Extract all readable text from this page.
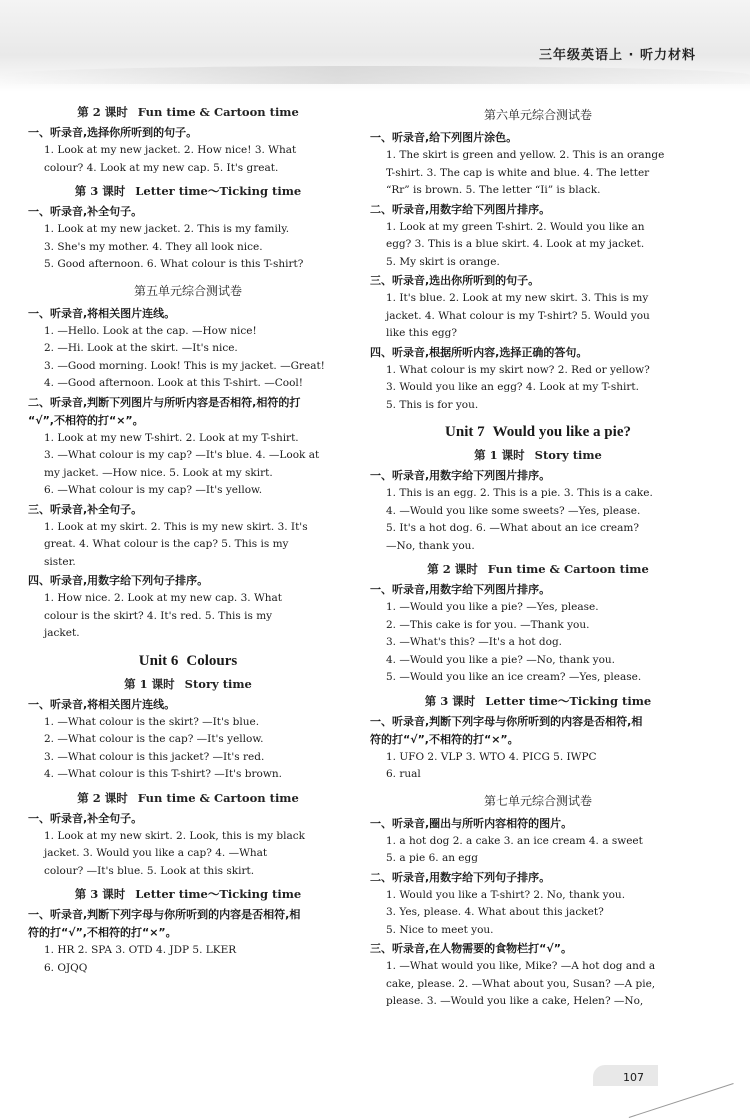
三年级英语上 · 听力材料
第 2 课时 Fun time & Cartoon time
一、听录音,选择你所听到的句子。
1. Look at my new jacket. 2. How nice! 3. What
colour? 4. Look at my new cap. 5. It's great.
第 3 课时 Letter time～Ticking time
一、听录音,补全句子。
1. Look at my new jacket. 2. This is my family.
3. She's my mother. 4. They all look nice.
5. Good afternoon. 6. What colour is this T-shirt?
第五单元综合测试卷
一、听录音,将相关图片连线。
1. —Hello. Look at the cap. —How nice!
2. —Hi. Look at the skirt. —It's nice.
3. —Good morning. Look! This is my jacket. —Great!
4. —Good afternoon. Look at this T-shirt. —Cool!
二、听录音,判断下列图片与所听内容是否相符,相符的打
“√”,不相符的打“×”。
1. Look at my new T-shirt. 2. Look at my T-shirt.
3. —What colour is my cap? —It's blue. 4. —Look at
my jacket. —How nice. 5. Look at my skirt.
6. —What colour is my cap? —It's yellow.
三、听录音,补全句子。
1. Look at my skirt. 2. This is my new skirt. 3. It's
great. 4. What colour is the cap? 5. This is my
sister.
四、听录音,用数字给下列句子排序。
1. How nice. 2. Look at my new cap. 3. What
colour is the skirt? 4. It's red. 5. This is my
jacket.
Unit 6 Colours
第 1 课时 Story time
一、听录音,将相关图片连线。
1. —What colour is the skirt? —It's blue.
2. —What colour is the cap? —It's yellow.
3. —What colour is this jacket? —It's red.
4. —What colour is this T-shirt? —It's brown.
第 2 课时 Fun time & Cartoon time
一、听录音,补全句子。
1. Look at my new skirt. 2. Look, this is my black
jacket. 3. Would you like a cap? 4. —What
colour? —It's blue. 5. Look at this skirt.
第 3 课时 Letter time～Ticking time
一、听录音,判断下列字母与你所听到的内容是否相符,相
符的打“√”,不相符的打“×”。
1. HR 2. SPA 3. OTD 4. JDP 5. LKER
6. OJQQ
第六单元综合测试卷
一、听录音,给下列图片涂色。
1. The skirt is green and yellow. 2. This is an orange
T-shirt. 3. The cap is white and blue. 4. The letter
“Rr” is brown. 5. The letter “Ii” is black.
二、听录音,用数字给下列图片排序。
1. Look at my green T-shirt. 2. Would you like an
egg? 3. This is a blue skirt. 4. Look at my jacket.
5. My skirt is orange.
三、听录音,选出你所听到的句子。
1. It's blue. 2. Look at my new skirt. 3. This is my
jacket. 4. What colour is my T-shirt? 5. Would you
like this egg?
四、听录音,根据所听内容,选择正确的答句。
1. What colour is my skirt now? 2. Red or yellow?
3. Would you like an egg? 4. Look at my T-shirt.
5. This is for you.
Unit 7 Would you like a pie?
第 1 课时 Story time
一、听录音,用数字给下列图片排序。
1. This is an egg. 2. This is a pie. 3. This is a cake.
4. —Would you like some sweets? —Yes, please.
5. It's a hot dog. 6. —What about an ice cream?
—No, thank you.
第 2 课时 Fun time & Cartoon time
一、听录音,用数字给下列图片排序。
1. —Would you like a pie? —Yes, please.
2. —This cake is for you. —Thank you.
3. —What's this? —It's a hot dog.
4. —Would you like a pie? —No, thank you.
5. —Would you like an ice cream? —Yes, please.
第 3 课时 Letter time～Ticking time
一、听录音,判断下列字母与你所听到的内容是否相符,相
符的打“√”,不相符的打“×”。
1. UFO 2. VLP 3. WTO 4. PICG 5. IWPC
6. rual
第七单元综合测试卷
一、听录音,圈出与所听内容相符的图片。
1. a hot dog 2. a cake 3. an ice cream 4. a sweet
5. a pie 6. an egg
二、听录音,用数字给下列句子排序。
1. Would you like a T-shirt? 2. No, thank you.
3. Yes, please. 4. What about this jacket?
5. Nice to meet you.
三、听录音,在人物需要的食物栏打“√”。
1. —What would you like, Mike? —A hot dog and a
cake, please. 2. —What about you, Susan? —A pie,
please. 3. —Would you like a cake, Helen? —No,
107
